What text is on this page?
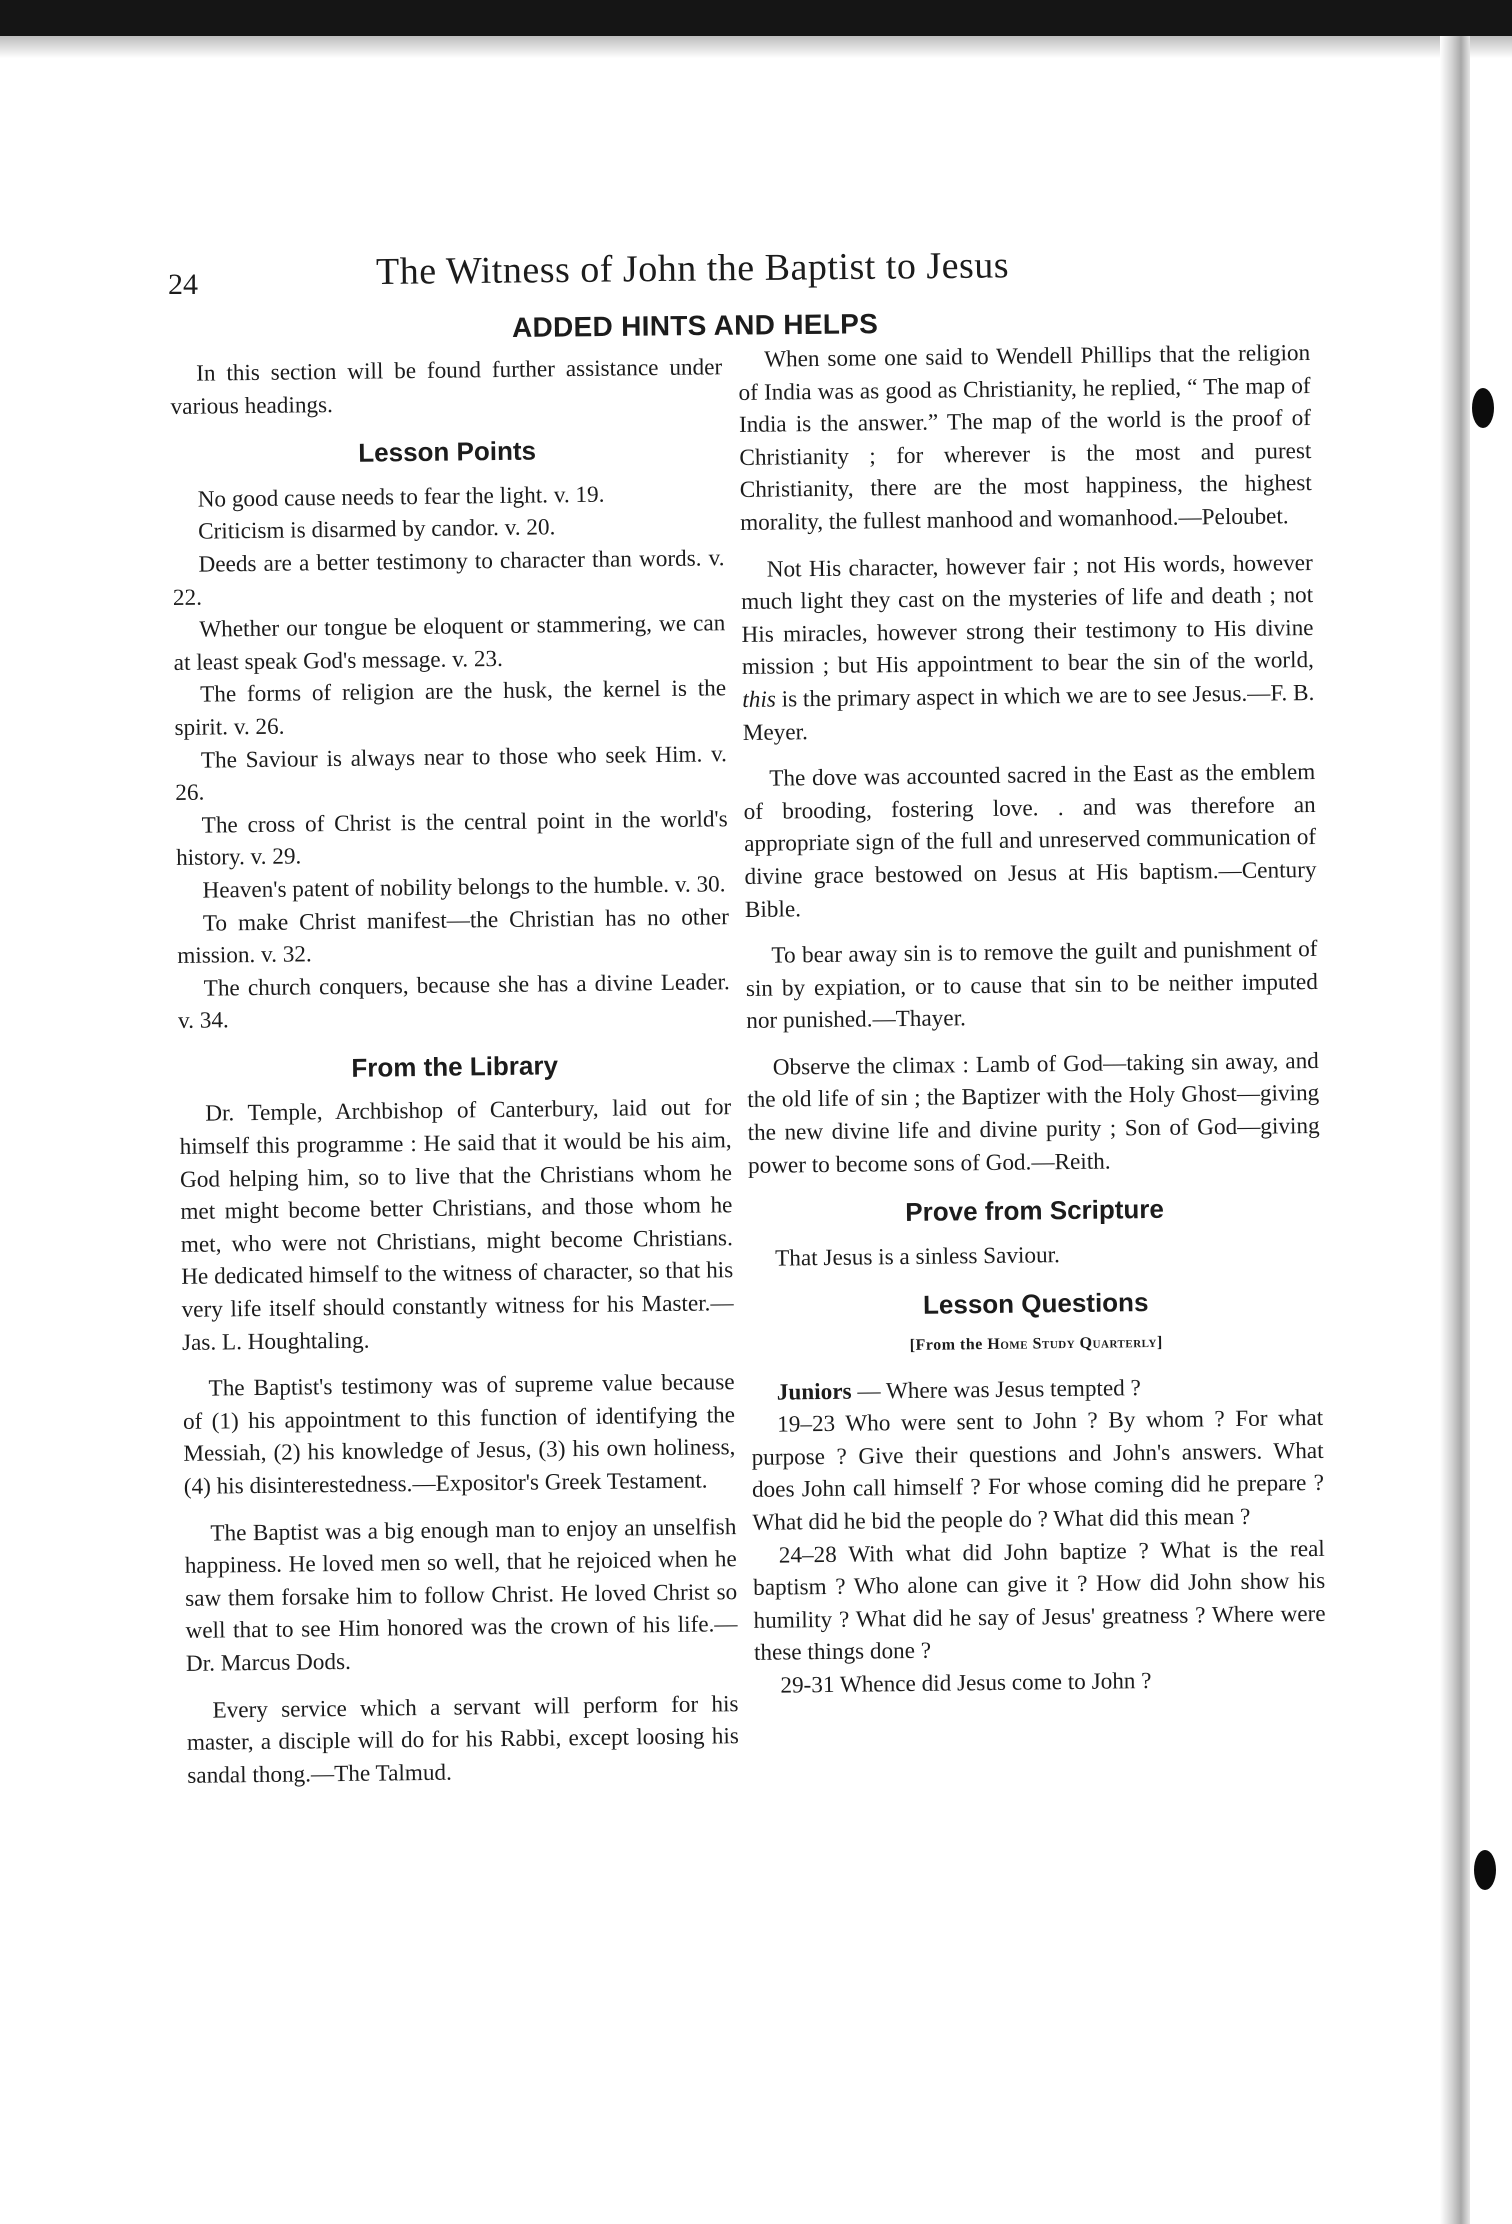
24	The Witness of John the Baptist to Jesus
ADDED HINTS AND HELPS

In this section will be found further assistance under various headings.

Lesson Points

No good cause needs to fear the light. v. 19.

Criticism is disarmed by candor. v. 20.

Deeds are a better testimony to character than words. v. 22.

Whether our tongue be eloquent or stammering, we can at least speak God's message. v. 23.

The forms of religion are the husk, the kernel is the spirit. v. 26.

The Saviour is always near to those who seek Him. v. 26.

The cross of Christ is the central point in the world's history. v. 29.

Heaven's patent of nobility belongs to the humble. v. 30.

To make Christ manifest—the Christian has no other mission. v. 32.

The church conquers, because she has a divine Leader. v. 34.

From the Library

Dr. Temple, Archbishop of Canterbury, laid out for himself this programme : He said that it would be his aim, God helping him, so to live that the Christians whom he met might become better Christians, and those whom he met, who were not Christians, might become Christians. He dedicated himself to the witness of character, so that his very life itself should constantly witness for his Master.—Jas. L. Houghtaling.

The Baptist's testimony was of supreme value because of (1) his appointment to this function of identifying the Messiah, (2) his knowledge of Jesus, (3) his own holiness, (4) his disinterestedness.—Expositor's Greek Testament.

The Baptist was a big enough man to enjoy an unselfish happiness. He loved men so well, that he rejoiced when he saw them forsake him to follow Christ. He loved Christ so well that to see Him honored was the crown of his life.—Dr. Marcus Dods.

Every service which a servant will perform for his master, a disciple will do for his Rabbi, except loosing his sandal thong.—The Talmud.

When some one said to Wendell Phillips that the religion of India was as good as Christianity, he replied, “ The map of India is the answer.” The map of the world is the proof of Christianity ; for wherever is the most and purest Christianity, there are the most happiness, the highest morality, the fullest manhood and womanhood.—Peloubet.

Not His character, however fair ; not His words, however much light they cast on the mysteries of life and death ; not His miracles, however strong their testimony to His divine mission ; but His appointment to bear the sin of the world, this is the primary aspect in which we are to see Jesus.—F. B. Meyer.

The dove was accounted sacred in the East as the emblem of brooding, fostering love. . and was therefore an appropriate sign of the full and unreserved communication of divine grace bestowed on Jesus at His baptism.—Century Bible.

To bear away sin is to remove the guilt and punishment of sin by expiation, or to cause that sin to be neither imputed nor punished.—Thayer.

Observe the climax : Lamb of God—taking sin away, and the old life of sin ; the Baptizer with the Holy Ghost—giving the new divine life and divine purity ; Son of God—giving power to become sons of God.—Reith.

Prove from Scripture

That Jesus is a sinless Saviour.

Lesson Questions
[From the Home Study Quarterly]

Juniors — Where was Jesus tempted ?

19–23 Who were sent to John ? By whom ? For what purpose ? Give their questions and John's answers. What does John call himself ? For whose coming did he prepare ? What did he bid the people do ? What did this mean ?

24–28 With what did John baptize ? What is the real baptism ? Who alone can give it ? How did John show his humility ? What did he say of Jesus' greatness ? Where were these things done ?

29-31 Whence did Jesus come to John ?
